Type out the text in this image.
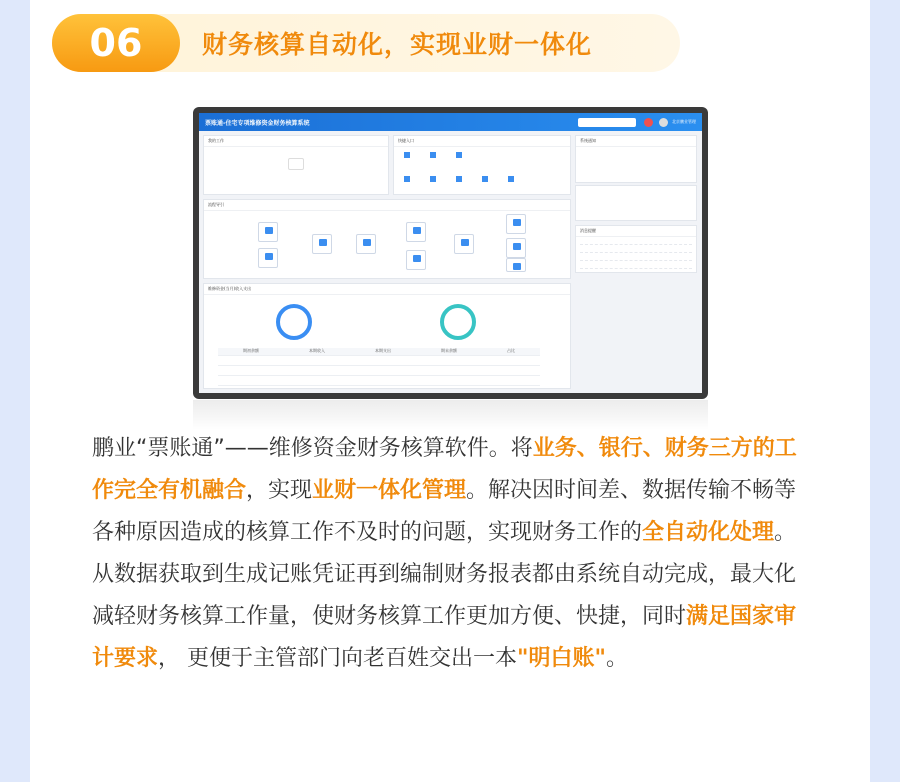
06	财务核算自动化，实现业财一体化
票账通-住宅专项维修资金财务核算系统	北京鹏业管理
我的工作	快捷入口	系统通知
消息提醒
流程导引
维修资金(当月)收入支出
期初余额	本期收入	本期支出	期末余额	占比
鹏业“票账通”——维修资金财务核算软件。将业务、银行、财务三方的工作完全有机融合，实现业财一体化管理。解决因时间差、数据传输不畅等各种原因造成的核算工作不及时的问题，实现财务工作的全自动化处理。从数据获取到生成记账凭证再到编制财务报表都由系统自动完成，最大化减轻财务核算工作量，使财务核算工作更加方便、快捷，同时满足国家审计要求， 更便于主管部门向老百姓交出一本"明白账"。
